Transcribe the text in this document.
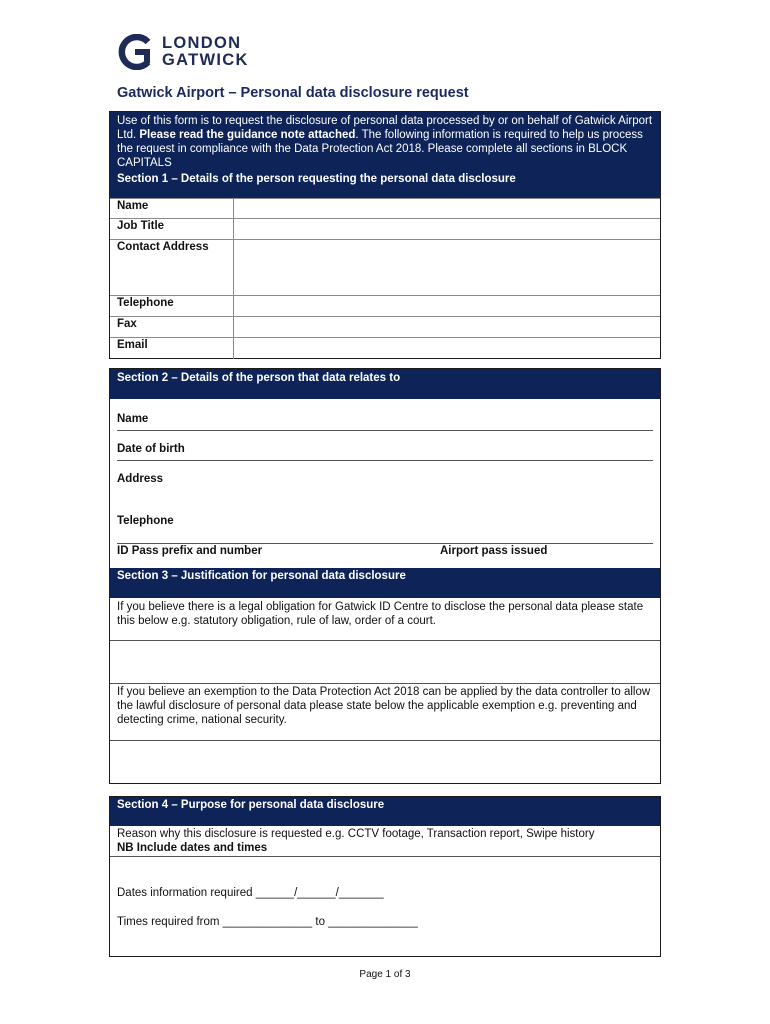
LONDON
GATWICK
Gatwick Airport – Personal data disclosure request
Use of this form is to request the disclosure of personal data processed by or on behalf of Gatwick Airport Ltd. Please read the guidance note attached. The following information is required to help us process the request in compliance with the Data Protection Act 2018. Please complete all sections in BLOCK CAPITALS
Section 1 – Details of the person requesting the personal data disclosure
Name	
Job Title	
Contact Address	
Telephone	
Fax	
Email	
Section 2 – Details of the person that data relates to
Name
Date of birth
Address
Telephone
ID Pass prefix and number	Airport pass issued
Section 3 – Justification for personal data disclosure
If you believe there is a legal obligation for Gatwick ID Centre to disclose the personal data please state this below e.g. statutory obligation, rule of law, order of a court.
If you believe an exemption to the Data Protection Act 2018 can be applied by the data controller to allow the lawful disclosure of personal data please state below the applicable exemption e.g. preventing and detecting crime, national security.
Section 4 – Purpose for personal data disclosure
Reason why this disclosure is requested e.g. CCTV footage, Transaction report, Swipe history
NB Include dates and times
Dates information required ______/______/_______
Times required from ______________ to ______________
Page 1 of 3
